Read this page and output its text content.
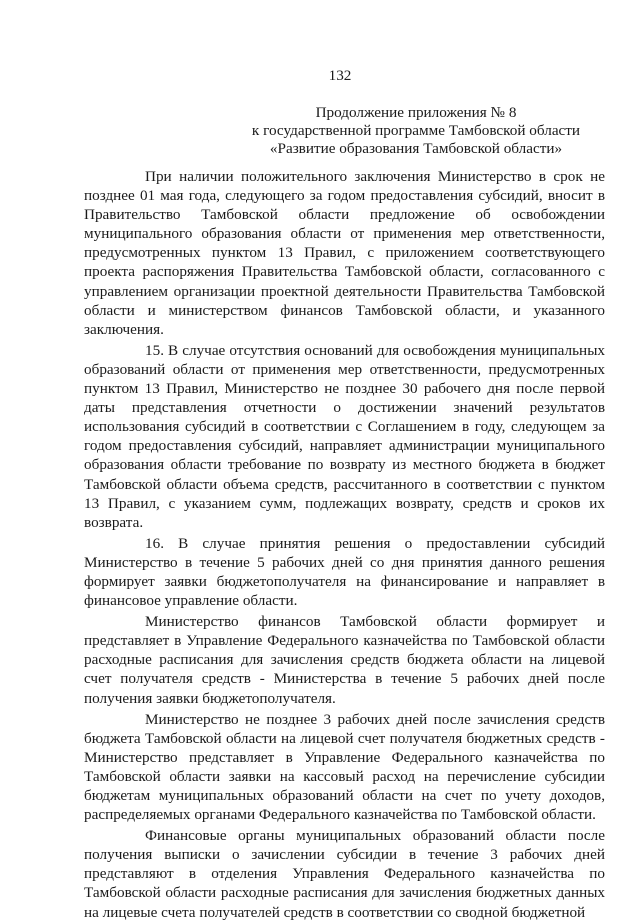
132
Продолжение приложения № 8
к государственной программе Тамбовской области
«Развитие образования Тамбовской области»

При наличии положительного заключения Министерство в срок не позднее 01 мая года, следующего за годом предоставления субсидий, вносит в Правительство Тамбовской области предложение об освобождении муниципального образования области от применения мер ответственности, предусмотренных пунктом 13 Правил, с приложением соответствующего проекта распоряжения Правительства Тамбовской области, согласованного с управлением организации проектной деятельности Правительства Тамбовской области и министерством финансов Тамбовской области, и указанного заключения.

15. В случае отсутствия оснований для освобождения муниципальных образований области от применения мер ответственности, предусмотренных пунктом 13 Правил, Министерство не позднее 30 рабочего дня после первой даты представления отчетности о достижении значений результатов использования субсидий в соответствии с Соглашением в году, следующем за годом предоставления субсидий, направляет администрации муниципального образования области требование по возврату из местного бюджета в бюджет Тамбовской области объема средств, рассчитанного в соответствии с пунктом 13 Правил, с указанием сумм, подлежащих возврату, средств и сроков их возврата.

16. В случае принятия решения о предоставлении субсидий Министерство в течение 5 рабочих дней со дня принятия данного решения формирует заявки бюджетополучателя на финансирование и направляет в финансовое управление области.

Министерство финансов Тамбовской области формирует и представляет в Управление Федерального казначейства по Тамбовской области расходные расписания для зачисления средств бюджета области на лицевой счет получателя средств - Министерства в течение 5 рабочих дней после получения заявки бюджетополучателя.

Министерство не позднее 3 рабочих дней после зачисления средств бюджета Тамбовской области на лицевой счет получателя бюджетных средств - Министерство представляет в Управление Федерального казначейства по Тамбовской области заявки на кассовый расход на перечисление субсидии бюджетам муниципальных образований области на счет по учету доходов, распределяемых органами Федерального казначейства по Тамбовской области.

Финансовые органы муниципальных образований области после получения выписки о зачислении субсидии в течение 3 рабочих дней представляют в отделения Управления Федерального казначейства по Тамбовской области расходные расписания для зачисления бюджетных данных на лицевые счета получателей средств в соответствии со сводной бюджетной
